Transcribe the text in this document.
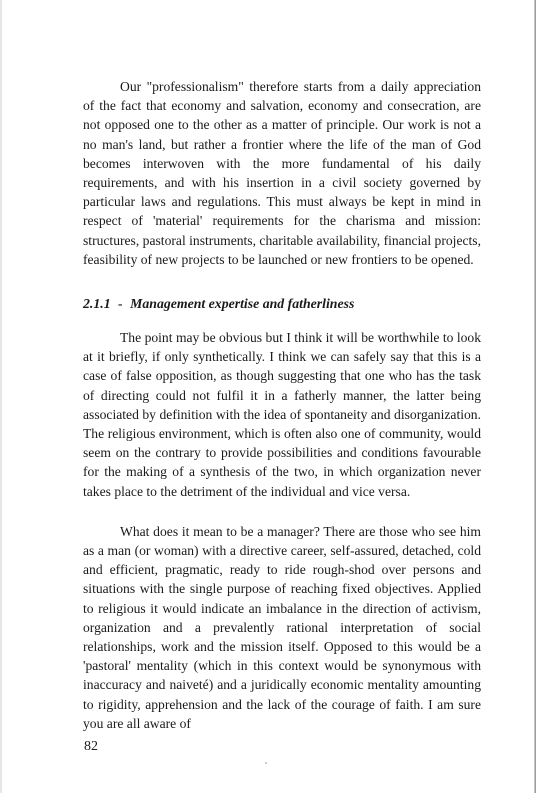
Our "professionalism" therefore starts from a daily appreciation of the fact that economy and salvation, economy and consecration, are not opposed one to the other as a matter of principle. Our work is not a no man's land, but rather a frontier where the life of the man of God becomes interwoven with the more fundamental of his daily requirements, and with his insertion in a civil society governed by particular laws and regulations. This must always be kept in mind in respect of 'material' requirements for the charisma and mission: structures, pastoral instruments, charitable availability, financial projects, feasibility of new projects to be launched or new frontiers to be opened.

2.1.1 - Management expertise and fatherliness

The point may be obvious but I think it will be worthwhile to look at it briefly, if only synthetically. I think we can safely say that this is a case of false opposition, as though suggesting that one who has the task of directing could not fulfil it in a fatherly manner, the latter being associated by definition with the idea of spontaneity and disorganization. The religious environment, which is often also one of community, would seem on the contrary to provide possibilities and conditions favourable for the making of a synthesis of the two, in which organization never takes place to the detriment of the individual and vice versa.

What does it mean to be a manager? There are those who see him as a man (or woman) with a directive career, self-assured, detached, cold and efficient, pragmatic, ready to ride rough-shod over persons and situations with the single purpose of reaching fixed objectives. Applied to religious it would indicate an imbalance in the direction of activism, organization and a prevalently rational interpretation of social relationships, work and the mission itself. Opposed to this would be a 'pastoral' mentality (which in this context would be synonymous with inaccuracy and naiveté) and a juridically economic mentality amounting to rigidity, apprehension and the lack of the courage of faith. I am sure you are all aware of

82
